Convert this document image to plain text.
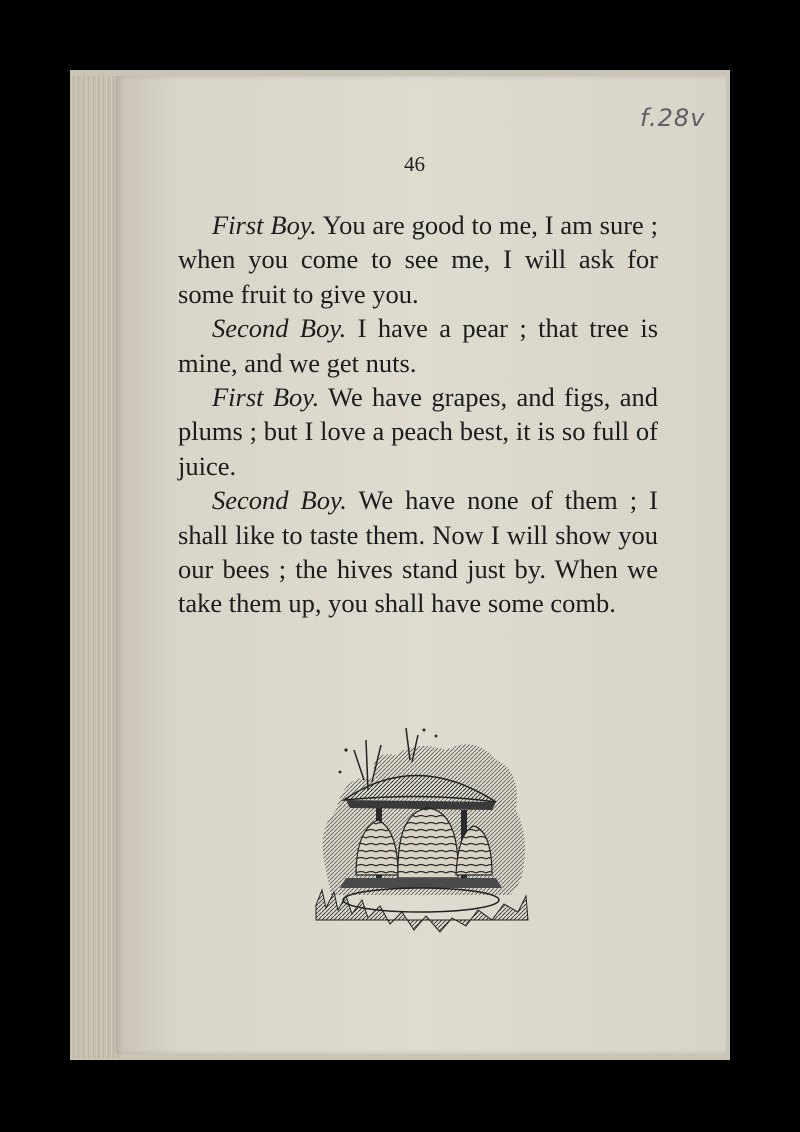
f.28v
46

First Boy. You are good to me, I am sure ; when you come to see me, I will ask for some fruit to give you.

Second Boy. I have a pear ; that tree is mine, and we get nuts.

First Boy. We have grapes, and figs, and plums ; but I love a peach best, it is so full of juice.

Second Boy. We have none of them ; I shall like to taste them. Now I will show you our bees ; the hives stand just by. When we take them up, you shall have some comb.
